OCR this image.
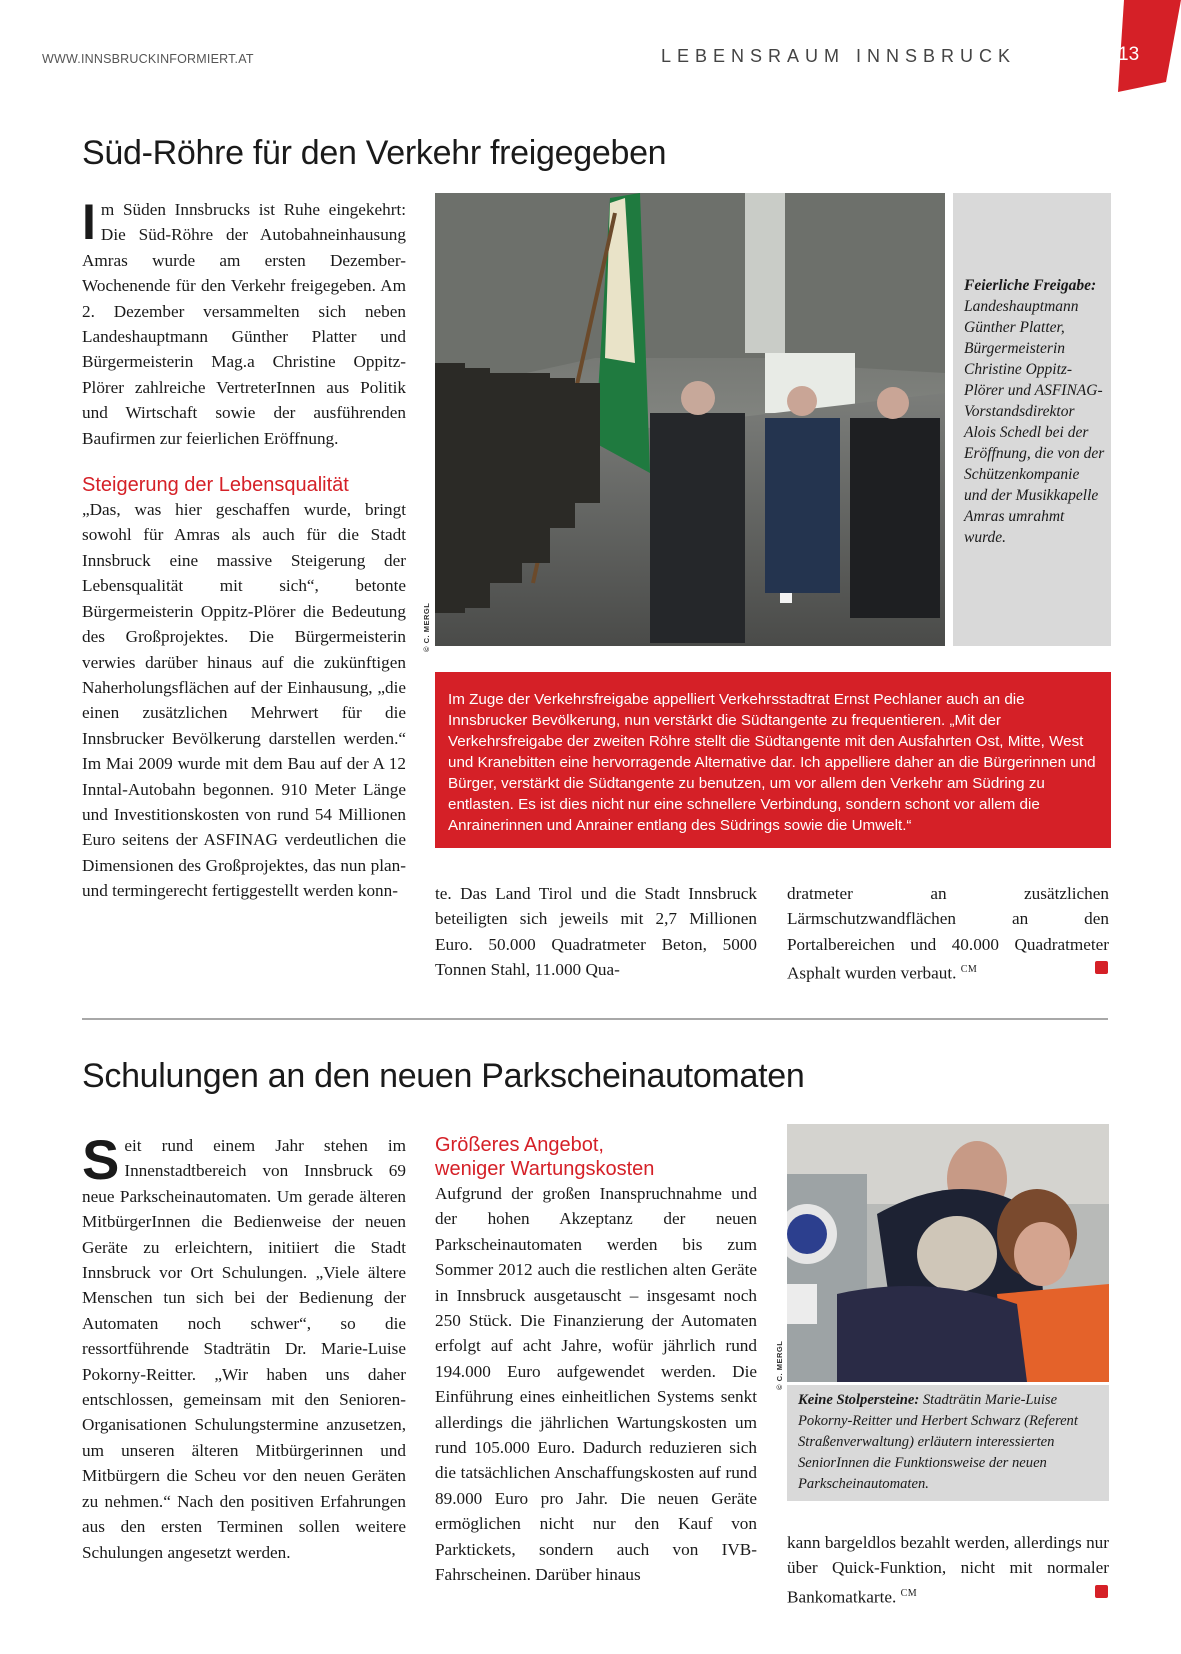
WWW.INNSBRUCKINFORMIERT.AT	LEBENSRAUM INNSBRUCK	13
Süd-Röhre für den Verkehr freigegeben

Im Süden Innsbrucks ist Ruhe eingekehrt: Die Süd-Röhre der Autobahneinhausung Amras wurde am ersten Dezember-Wochenende für den Verkehr freigegeben. Am 2. Dezember versammelten sich neben Landeshauptmann Günther Platter und Bürgermeisterin Mag.a Christine Oppitz-Plörer zahlreiche VertreterInnen aus Politik und Wirtschaft sowie der ausführenden Baufirmen zur feierlichen Eröffnung.

Steigerung der Lebensqualität

„Das, was hier geschaffen wurde, bringt sowohl für Amras als auch für die Stadt Innsbruck eine massive Steigerung der Lebensqualität mit sich“, betonte Bürgermeisterin Oppitz-Plörer die Bedeutung des Großprojektes. Die Bürgermeisterin verwies darüber hinaus auf die zukünftigen Naherholungsflächen auf der Einhausung, „die einen zusätzlichen Mehrwert für die Innsbrucker Bevölkerung darstellen werden.“ Im Mai 2009 wurde mit dem Bau auf der A 12 Inntal-Autobahn begonnen. 910 Meter Länge und Investitionskosten von rund 54 Millionen Euro seitens der ASFINAG verdeutlichen die Dimensionen des Großprojektes, das nun plan- und termingerecht fertiggestellt werden konn-

© C. MERGL
Feierliche Freigabe: Landeshauptmann Günther Platter, Bürgermeisterin Christine Oppitz-Plörer und ASFINAG-Vorstandsdirektor Alois Schedl bei der Eröffnung, die von der Schützenkompanie und der Musikkapelle Amras umrahmt wurde.
Im Zuge der Verkehrsfreigabe appelliert Verkehrsstadtrat Ernst Pechlaner auch an die Innsbrucker Bevölkerung, nun verstärkt die Südtangente zu frequentieren. „Mit der Verkehrsfreigabe der zweiten Röhre stellt die Südtangente mit den Ausfahrten Ost, Mitte, West und Kranebitten eine hervorragende Alternative dar. Ich appelliere daher an die Bürgerinnen und Bürger, verstärkt die Südtangente zu benutzen, um vor allem den Verkehr am Südring zu entlasten. Es ist dies nicht nur eine schnellere Verbindung, sondern schont vor allem die Anrainerinnen und Anrainer entlang des Südrings sowie die Umwelt.“

te. Das Land Tirol und die Stadt Innsbruck beteiligten sich jeweils mit 2,7 Millionen Euro. 50.000 Quadratmeter Beton, 5000 Tonnen Stahl, 11.000 Qua-

dratmeter an zusätzlichen Lärmschutzwandflächen an den Portalbereichen und 40.000 Quadratmeter Asphalt wurden verbaut. $^{CM}$

Schulungen an den neuen Parkscheinautomaten

Seit rund einem Jahr stehen im Innenstadtbereich von Innsbruck 69 neue Parkscheinautomaten. Um gerade älteren MitbürgerInnen die Bedienweise der neuen Geräte zu erleichtern, initiiert die Stadt Innsbruck vor Ort Schulungen. „Viele ältere Menschen tun sich bei der Bedienung der Automaten noch schwer“, so die ressortführende Stadträtin Dr. Marie-Luise Pokorny-Reitter. „Wir haben uns daher entschlossen, gemeinsam mit den Senioren-Organisationen Schulungstermine anzusetzen, um unseren älteren Mitbürgerinnen und Mitbürgern die Scheu vor den neuen Geräten zu nehmen.“ Nach den positiven Erfahrungen aus den ersten Terminen sollen weitere Schulungen angesetzt werden.

Größeres Angebot,
weniger Wartungskosten

Aufgrund der großen Inanspruchnahme und der hohen Akzeptanz der neuen Parkscheinautomaten werden bis zum Sommer 2012 auch die restlichen alten Geräte in Innsbruck ausgetauscht – insgesamt noch 250 Stück. Die Finanzierung der Automaten erfolgt auf acht Jahre, wofür jährlich rund 194.000 Euro aufgewendet werden. Die Einführung eines einheitlichen Systems senkt allerdings die jährlichen Wartungskosten um rund 105.000 Euro. Dadurch reduzieren sich die tatsächlichen Anschaffungskosten auf rund 89.000 Euro pro Jahr. Die neuen Geräte ermöglichen nicht nur den Kauf von Parktickets, sondern auch von IVB-Fahrscheinen. Darüber hinaus

© C. MERGL
Keine Stolpersteine: Stadträtin Marie-Luise Pokorny-Reitter und Herbert Schwarz (Referent Straßenverwaltung) erläutern interessierten SeniorInnen die Funktionsweise der neuen Parkscheinautomaten.

kann bargeldlos bezahlt werden, allerdings nur über Quick-Funktion, nicht mit normaler Bankomatkarte. $^{CM}$
